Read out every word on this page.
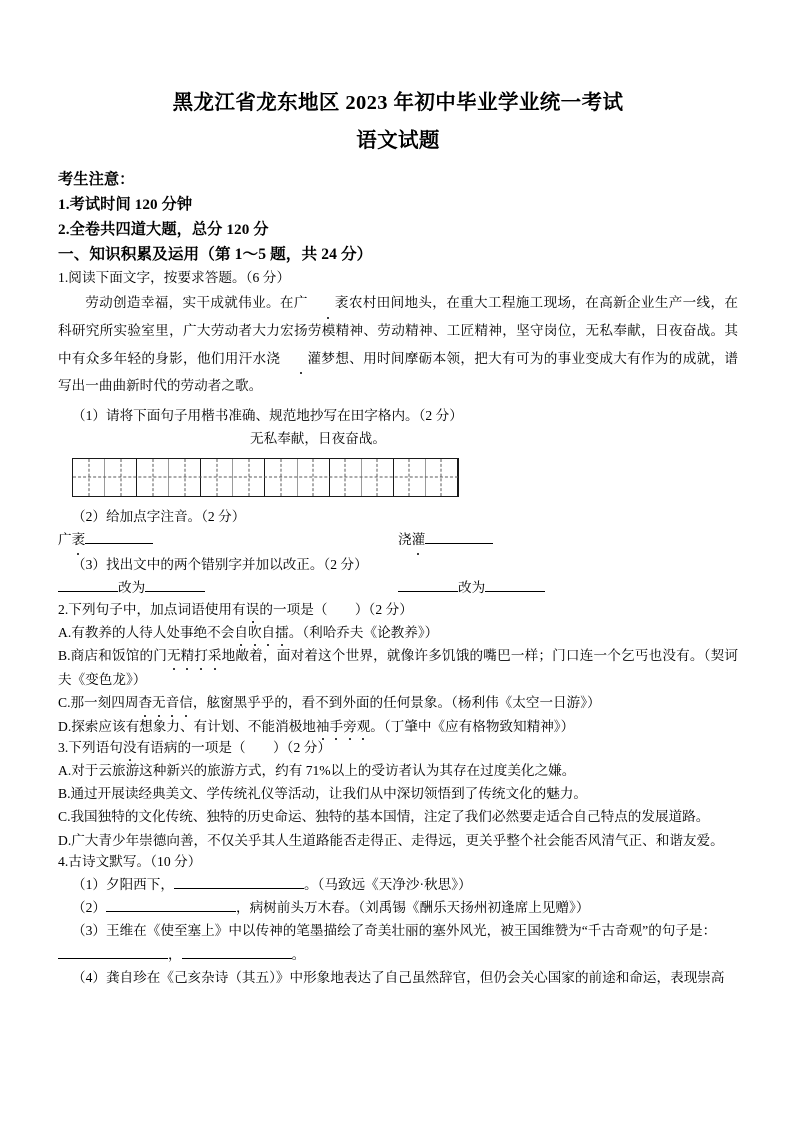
黑龙江省龙东地区 2023 年初中毕业学业统一考试
语文试题

考生注意：

1.考试时间 120 分钟

2.全卷共四道大题，总分 120 分

一、知识积累及运用（第 1～5 题，共 24 分）

1.阅读下面文字，按要求答题。（6 分）

劳动创造幸福，实干成就伟业。在广 袤农村田间地头，在重大工程施工现场，在高新企业生产一线，在科研究所实验室里，广大劳动者大力宏扬劳模精神、劳动精神、工匠精神，坚守岗位，无私奉献，日夜奋战。其中有众多年轻的身影，他们用汗水浇 灌梦想、用时间摩砺本领，把大有可为的事业变成大有作为的成就，谱写出一曲曲新时代的劳动者之歌。

（1）请将下面句子用楷书准确、规范地抄写在田字格内。（2 分）

无私奉献，日夜奋战。

（2）给加点字注音。（2 分）

广袤	浇灌

（3）找出文中的两个错别字并加以改正。（2 分）

改为	改为

2.下列句子中，加点词语使用有误的一项是（　　）（2 分）

A.有教养的人待人处事绝不会自吹自擂。（利哈乔夫《论教养》）

B.商店和饭馆的门无精打采地敞着，面对着这个世界，就像许多饥饿的嘴巴一样；门口连一个乞丐也没有。（契诃夫《变色龙》）

C.那一刻四周杳无音信，舷窗黑乎乎的，看不到外面的任何景象。（杨利伟《太空一日游》）

D.探索应该有想象力、有计划、不能消极地袖手旁观。（丁肇中《应有格物致知精神》）

3.下列语句没有语病的一项是（　　）（2 分）

A.对于云旅游这种新兴的旅游方式，约有 71%以上的受访者认为其存在过度美化之嫌。

B.通过开展读经典美文、学传统礼仪等活动，让我们从中深切领悟到了传统文化的魅力。

C.我国独特的文化传统、独特的历史命运、独特的基本国情，注定了我们必然要走适合自己特点的发展道路。

D.广大青少年崇德向善，不仅关乎其人生道路能否走得正、走得远，更关乎整个社会能否风清气正、和谐友爱。

4.古诗文默写。（10 分）

（1）夕阳西下，	。（马致远《天净沙·秋思》）

（2）	，病树前头万木春。（刘禹锡《酬乐天扬州初逢席上见赠》）

（3）王维在《使至塞上》中以传神的笔墨描绘了奇美壮丽的塞外风光，被王国维赞为“千古奇观”的句子是：

，	。

（4）龚自珍在《己亥杂诗（其五）》中形象地表达了自己虽然辞官，但仍会关心国家的前途和命运，表现崇高
